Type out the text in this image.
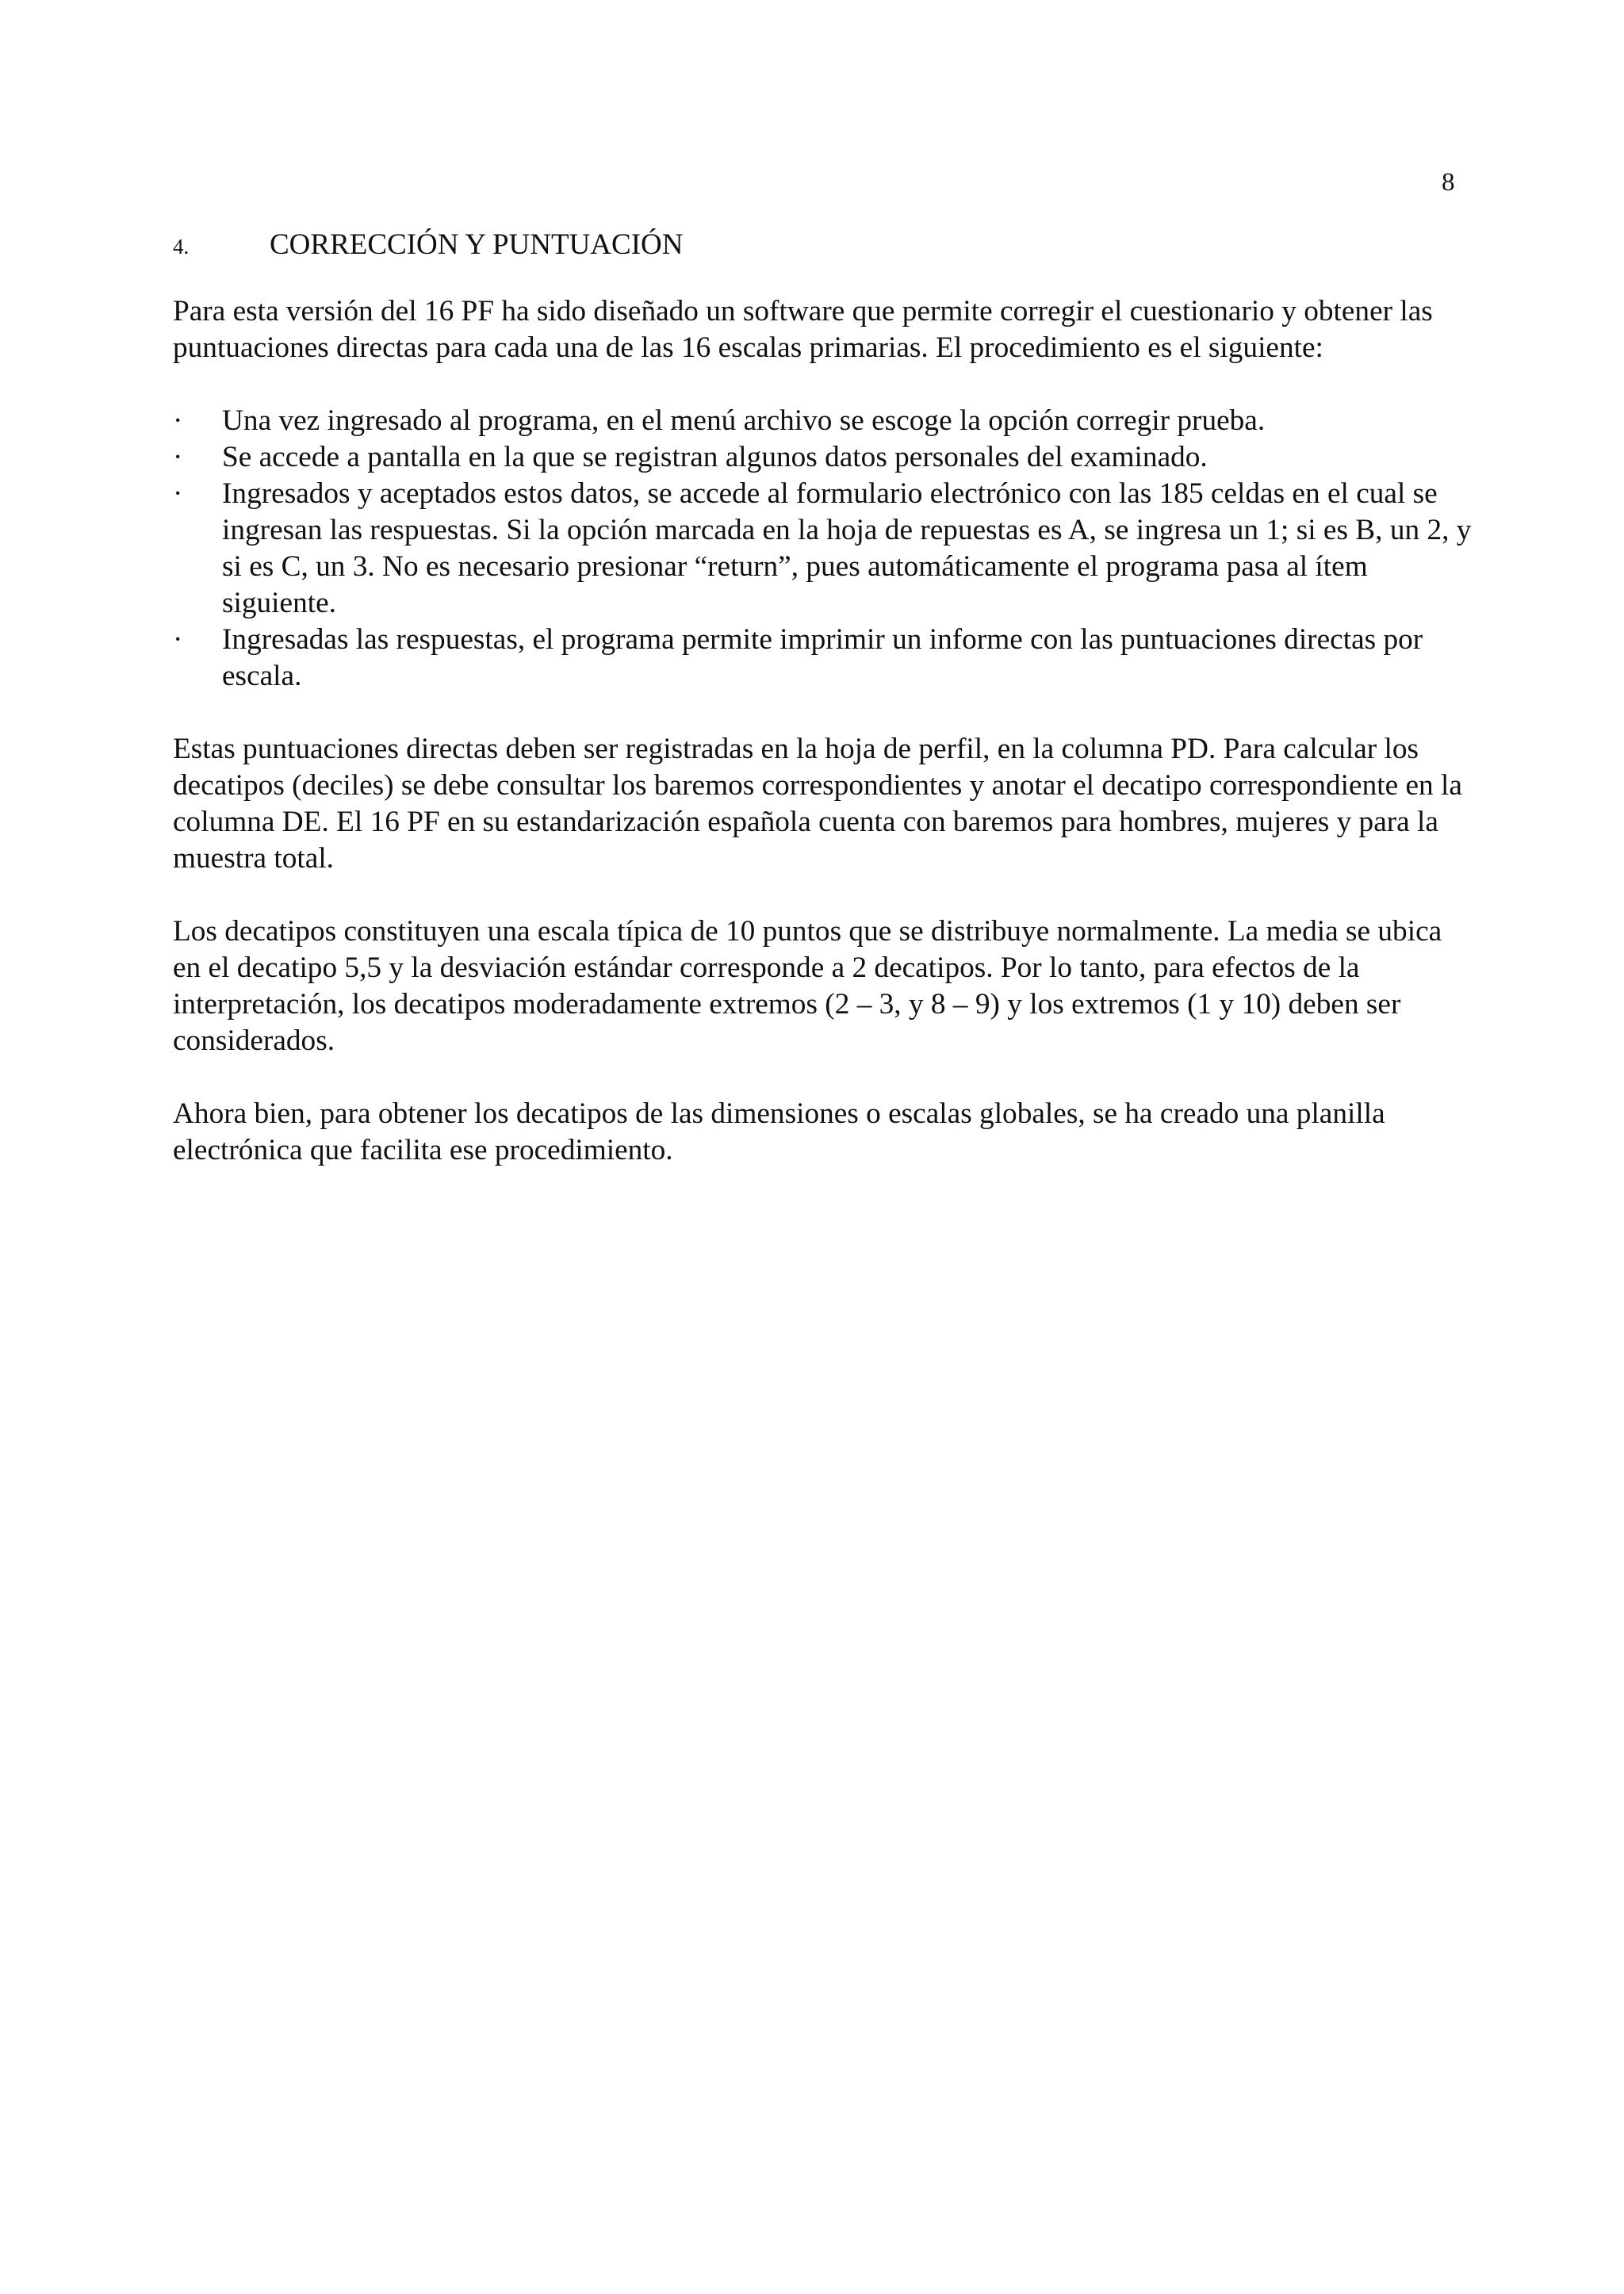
8
4.	CORRECCIÓN Y PUNTUACIÓN

Para esta versión del 16 PF ha sido diseñado un software que permite corregir el cuestionario y obtener las puntuaciones directas para cada una de las 16 escalas primarias. El procedimiento es el siguiente:

·	Una vez ingresado al programa, en el menú archivo se escoge la opción corregir prueba.
·	Se accede a pantalla en la que se registran algunos datos personales del examinado.
·	Ingresados y aceptados estos datos, se accede al formulario electrónico con las 185 celdas en el cual se ingresan las respuestas. Si la opción marcada en la hoja de repuestas es A, se ingresa un 1; si es B, un 2, y si es C, un 3. No es necesario presionar “return”, pues automáticamente el programa pasa al ítem siguiente.
·	Ingresadas las respuestas, el programa permite imprimir un informe con las puntuaciones directas por escala.

Estas puntuaciones directas deben ser registradas en la hoja de perfil, en la columna PD. Para calcular los decatipos (deciles) se debe consultar los baremos correspondientes y anotar el decatipo correspondiente en la columna DE. El 16 PF en su estandarización española cuenta con baremos para hombres, mujeres y para la muestra total.

Los decatipos constituyen una escala típica de 10 puntos que se distribuye normalmente. La media se ubica en el decatipo 5,5 y la desviación estándar corresponde a 2 decatipos. Por lo tanto, para efectos de la interpretación, los decatipos moderadamente extremos (2 – 3, y 8 – 9) y los extremos (1 y 10) deben ser considerados.

Ahora bien, para obtener los decatipos de las dimensiones o escalas globales, se ha creado una planilla electrónica que facilita ese procedimiento.
